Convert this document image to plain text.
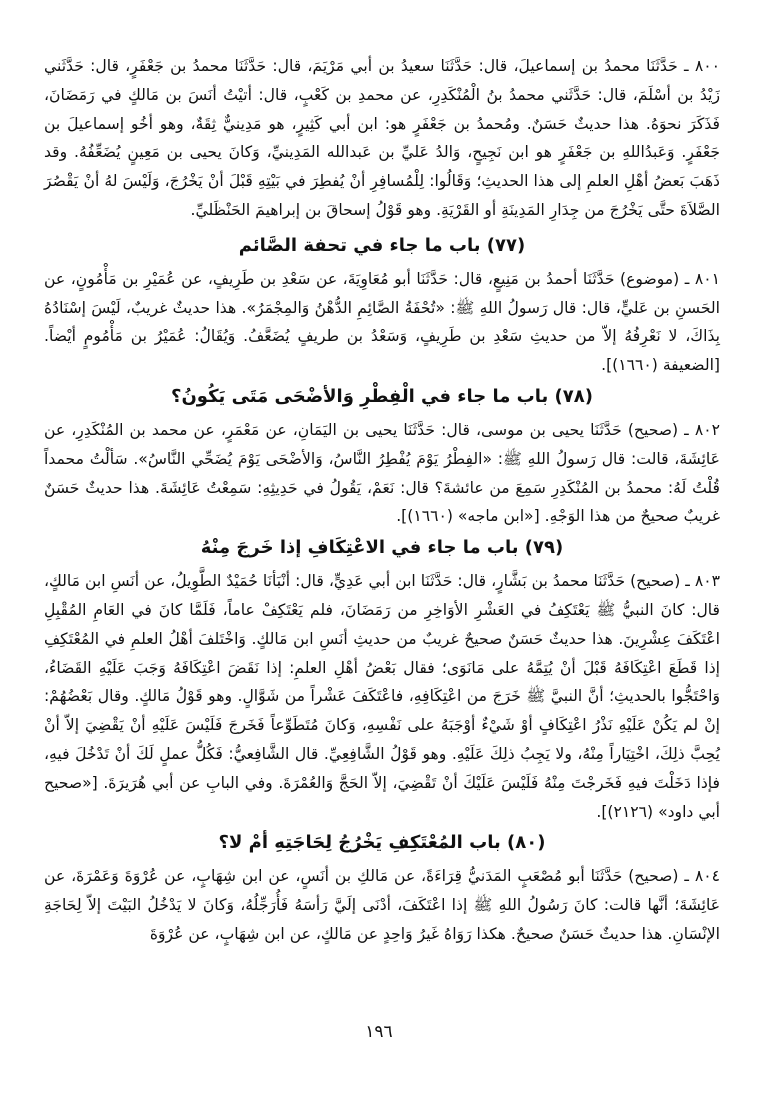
٨٠٠ ـ حَدَّثَنَا محمدُ بن إسماعيلَ، قال: حَدَّثَنَا سعيدُ بن أبي مَرْيَمَ، قال: حَدَّثَنَا محمدُ بن جَعْفَرٍ، قال: حَدَّثَني زَيْدُ بن أسْلَمَ، قال: حَدَّثَني محمدُ بنُ الْمُنْكَدِرِ، عن محمدِ بن كَعْبٍ، قال: أتيْتُ أنَسَ بن مَالكٍ في رَمَضَانَ، فَذَكَرَ نحوَهُ. هذا حديثٌ حَسَنٌ. ومُحمدُ بن جَعْفَرٍ هو: ابن أبي كَثِيرٍ، هو مَدِينيٌّ ثِقَةٌ، وهو أخُو إسماعيلَ بن جَعْفَرٍ. وَعَبدُاللهِ بن جَعْفَرٍ هو ابن نَجِيحٍ، وَالدُ عَليِّ بن عَبدالله المَدِينيِّ، وَكانَ يحيى بن مَعِينٍ يُضَعِّفُهُ. وقد ذَهَبَ بَعضُ أهْلِ العلمِ إلى هذا الحديثِ؛ وَقَالُوا: لِلْمُسافِرِ أنْ يُفطِرَ في بَيْتِهِ قَبْلَ أنْ يَخْرُجَ، وَلَيْسَ لهُ أنْ يَقْصُرَ الصَّلاَةَ حتَّى يَخْرُجَ من جِدَارِ المَدِينَةِ أو القَرْيَةِ. وهو قَوْلُ إسحاقَ بن إبراهيمَ الحَنْظَليِّ.

(٧٧) باب ما جاء في تحفة الصَّائم

٨٠١ ـ (موضوع) حَدَّثَنَا أحمدُ بن مَنِيعٍ، قال: حَدَّثَنَا أبو مُعَاوِيَةَ، عن سَعْدِ بن طَرِيفٍ، عن عُمَيْرِ بن مَأْمُونٍ، عن الحَسنِ بن عَليٍّ، قال: قال رَسولُ اللهِ ﷺ: «تُحْفَةُ الصَّائِمِ الدُّهْنُ وَالمِجْمَرُ». هذا حديثٌ غريبٌ، لَيْسَ إسْنَادُهُ بِذَاكَ، لا نَعْرِفُهُ إلاّ من حديثِ سَعْدِ بن طَرِيفٍ، وَسَعْدُ بن طريفٍ يُضَعَّفُ. وَيُقَالُ: عُمَيْرُ بن مَأْمُومٍ أيْضاً. [الضعيفة (١٦٦٠)].

(٧٨) باب ما جاء في الْفِطْرِ وَالأضْحَى مَتَى يَكُونُ؟

٨٠٢ ـ (صحيح) حَدَّثَنَا يحيى بن موسى، قال: حَدَّثَنَا يحيى بن اليَمَانِ، عن مَعْمَرٍ، عن محمد بن المُنْكَدِرِ، عن عَائِشَةَ، قالت: قال رَسولُ اللهِ ﷺ: «الفِطْرُ يَوْمَ يُفْطِرُ النَّاسُ، وَالأضْحَى يَوْمَ يُضَحِّي النَّاسُ». سَألْتُ محمداً قُلْتُ لَهُ: محمدُ بن المُنْكَدِرِ سَمِعَ من عائشةَ؟ قال: نَعَمْ، يَقُولُ في حَدِيثِهِ: سَمِعْتُ عَائِشَةَ. هذا حديثٌ حَسَنٌ غريبٌ صحيحٌ من هذا الوَجْهِ. [«ابن ماجه» (١٦٦٠)].

(٧٩) باب ما جاء في الاعْتِكَافِ إذا خَرجَ مِنْهُ

٨٠٣ ـ (صحيح) حَدَّثَنَا محمدُ بن بَشَّارٍ، قال: حَدَّثَنَا ابن أبي عَدِيٍّ، قال: أنْبَأنَا حُمَيْدٌ الطَّوِيلُ، عن أنَسِ ابن مَالكٍ، قال: كانَ النبيُّ ﷺ يَعْتَكِفُ في العَشْرِ الأوَاخِرِ من رَمَضَانَ، فلم يَعْتَكِفْ عاماً، فَلَمَّا كانَ في العَامِ المُقْبِلِ اعْتَكَفَ عِشْرِينَ. هذا حديثٌ حَسَنٌ صحيحٌ غريبٌ من حديثِ أنَسِ ابن مَالكٍ. وَاخْتَلفَ أهْلُ العلمِ في المُعْتَكِفِ إذا قَطَعَ اعْتِكَافَهُ قَبْلَ أنْ يُتِمَّهُ على مَانَوَى؛ فقال بَعْضُ أهْلِ العلمِ: إذا نَقَضَ اعْتِكَافَهُ وَجَبَ عَلَيْهِ القَضَاءُ، وَاحْتَجُّوا بالحديثِ؛ أنَّ النبيَّ ﷺ خَرَجَ من اعْتِكَافِهِ، فاعْتَكَفَ عَشْراً من شَوَّالٍ. وهو قَوْلُ مَالكٍ. وقال بَعْضُهُمْ: إنْ لم يَكُنْ عَلَيْهِ نَذْرُ اعْتِكَافٍ أوْ شَيْءٌ أوْجَبَهُ على نَفْسِهِ، وَكانَ مُتَطَوِّعاً فَخَرجَ فَلَيْسَ عَلَيْهِ أنْ يَقْضِيَ إلاّ أنْ يُحِبَّ ذلِكَ، اخْتِيَاراً مِنْهُ، ولا يَجِبُ ذلِكَ عَلَيْهِ. وهو قَوْلُ الشَّافِعِيِّ. قال الشَّافِعيُّ: فَكُلُّ عملٍ لَكَ أنْ تَدْخُلَ فيهِ، فإذا دَخَلْتَ فيهِ فَخَرجْتَ مِنْهُ فَلَيْسَ عَلَيْكَ أنْ تَقْضِيَ، إلاّ الحَجَّ وَالعُمْرَةَ. وفي البابِ عن أبي هُرَيرَةَ. [«صحيح أبي داود» (٢١٢٦)].

(٨٠) باب المُعْتَكِفِ يَخْرُجُ لِحَاجَتِهِ أمْ لا؟

٨٠٤ ـ (صحيح) حَدَّثَنَا أبو مُصْعَبٍ المَدَنيُّ قِرَاءَةً، عن مَالكِ بن أنَسٍ، عن ابن شِهَابٍ، عن عُرْوَةَ وَعَمْرَةَ، عن عَائِشَةَ؛ أنَّها قالت: كانَ رَسُولُ اللهِ ﷺ إذا اعْتَكَفَ، أدْنَى إلَيَّ رَأسَهُ فَأُرَجِّلُهُ، وَكانَ لا يَدْخُلُ البَيْتَ إلاّ لِحَاجَةِ الإنْسَانِ. هذا حديثٌ حَسَنٌ صحيحٌ. هكذا رَوَاهُ غَيرُ وَاحِدٍ عن مَالكٍ، عن ابن شِهَابٍ، عن عُرْوَةَ

١٩٦
